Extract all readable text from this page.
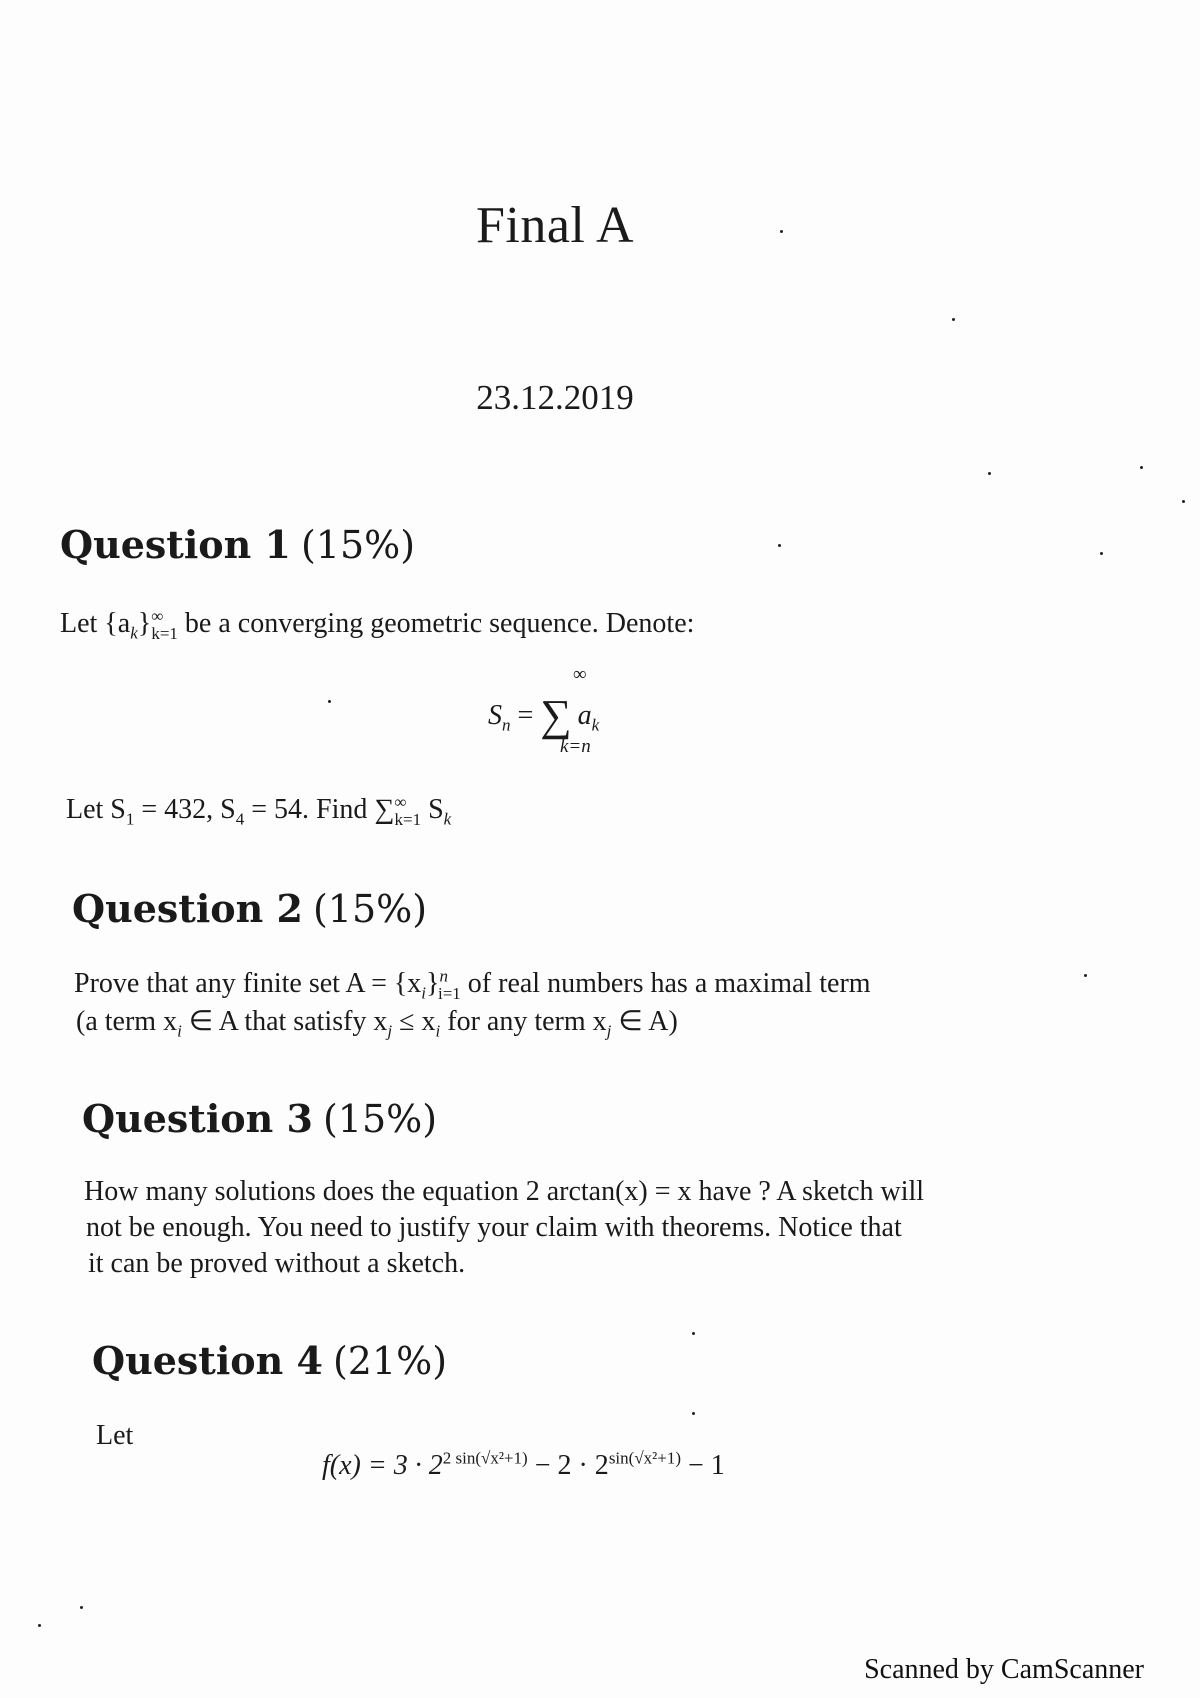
Final A
23.12.2019
Question 1 (15%)
Let $\{a_k\}^\infty_{k=1}$ be a converging geometric sequence. Denote:
$S_n$ = ∑ $a_k$
∞
k=n
Let $S_1 = 432$, $S_4 = 54$. Find $\sum^\infty_{k=1}$ $S_k$
Question 2 (15%)
Prove that any finite set $A = \{x_i\}^n_{i=1}$ of real numbers has a maximal term
(a term $x_i$ ∈ A that satisfy $x_j \le x_i$ for any term $x_j$ ∈ A)
Question 3 (15%)
How many solutions does the equation 2 arctan(x) = x have ? A sketch will
not be enough. You need to justify your claim with theorems. Notice that
it can be proved without a sketch.
Question 4 (21%)
Let
$f(x) = 3 \cdot 2^{2 sin(√x^2+1)} - 2 \cdot 2^{sin(√x^2+1)} - 1$
Scanned by CamScanner
